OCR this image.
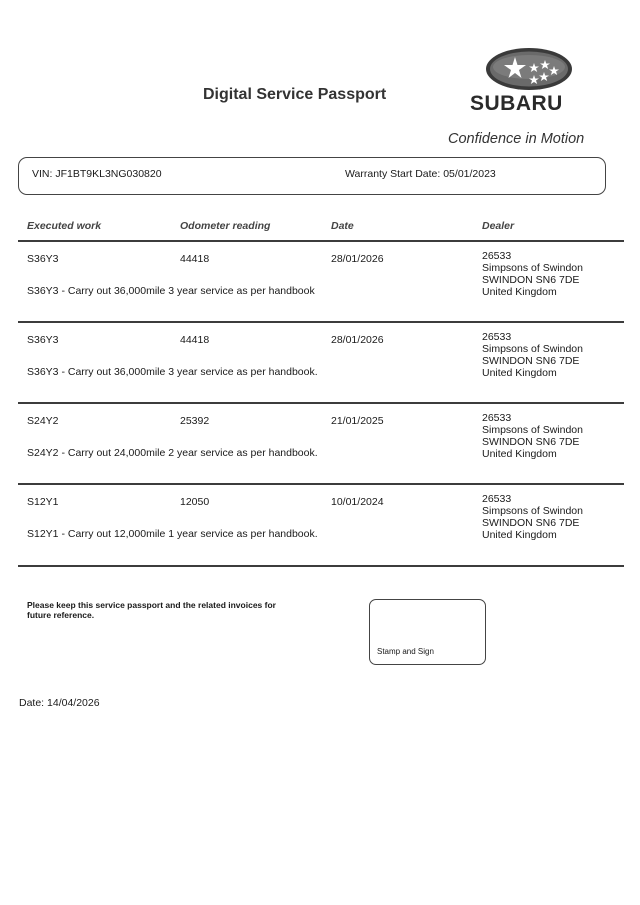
Digital Service Passport	SUBARU
Confidence in Motion
VIN: JF1BT9KL3NG030820	Warranty Start Date: 05/01/2023
Executed work	Odometer reading	Date	Dealer
S36Y3	44418	28/01/2026	26533
Simpsons of Swindon
SWINDON SN6 7DE
United Kingdom
S36Y3 - Carry out 36,000mile 3 year service as per handbook
S36Y3	44418	28/01/2026	26533
Simpsons of Swindon
SWINDON SN6 7DE
United Kingdom
S36Y3 - Carry out 36,000mile 3 year service as per handbook.
S24Y2	25392	21/01/2025	26533
Simpsons of Swindon
SWINDON SN6 7DE
United Kingdom
S24Y2 - Carry out 24,000mile 2 year service as per handbook.
S12Y1	12050	10/01/2024	26533
Simpsons of Swindon
SWINDON SN6 7DE
United Kingdom
S12Y1 - Carry out 12,000mile 1 year service as per handbook.
Please keep this service passport and the related invoices for
future reference.
Stamp and Sign
Date: 14/04/2026
